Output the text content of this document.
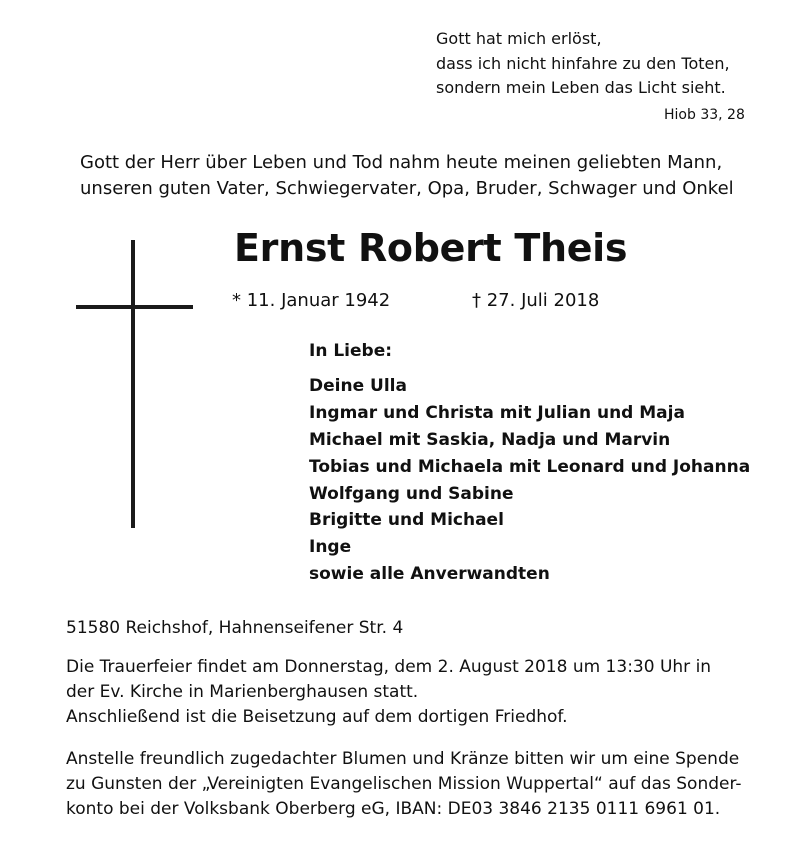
Gott hat mich erlöst,
dass ich nicht hinfahre zu den Toten,
sondern mein Leben das Licht sieht.
Hiob 33, 28
Gott der Herr über Leben und Tod nahm heute meinen geliebten Mann,
unseren guten Vater, Schwiegervater, Opa, Bruder, Schwager und Onkel
Ernst Robert Theis
* 11. Januar 1942	† 27. Juli 2018
In Liebe:
Deine Ulla
Ingmar und Christa mit Julian und Maja
Michael mit Saskia, Nadja und Marvin
Tobias und Michaela mit Leonard und Johanna
Wolfgang und Sabine
Brigitte und Michael
Inge
sowie alle Anverwandten
51580 Reichshof, Hahnenseifener Str. 4
Die Trauerfeier findet am Donnerstag, dem 2. August 2018 um 13:30 Uhr in
der Ev. Kirche in Marienberghausen statt.
Anschließend ist die Beisetzung auf dem dortigen Friedhof.
Anstelle freundlich zugedachter Blumen und Kränze bitten wir um eine Spende
zu Gunsten der „Vereinigten Evangelischen Mission Wuppertal“ auf das Sonder-
konto bei der Volksbank Oberberg eG, IBAN: DE03 3846 2135 0111 6961 01.
